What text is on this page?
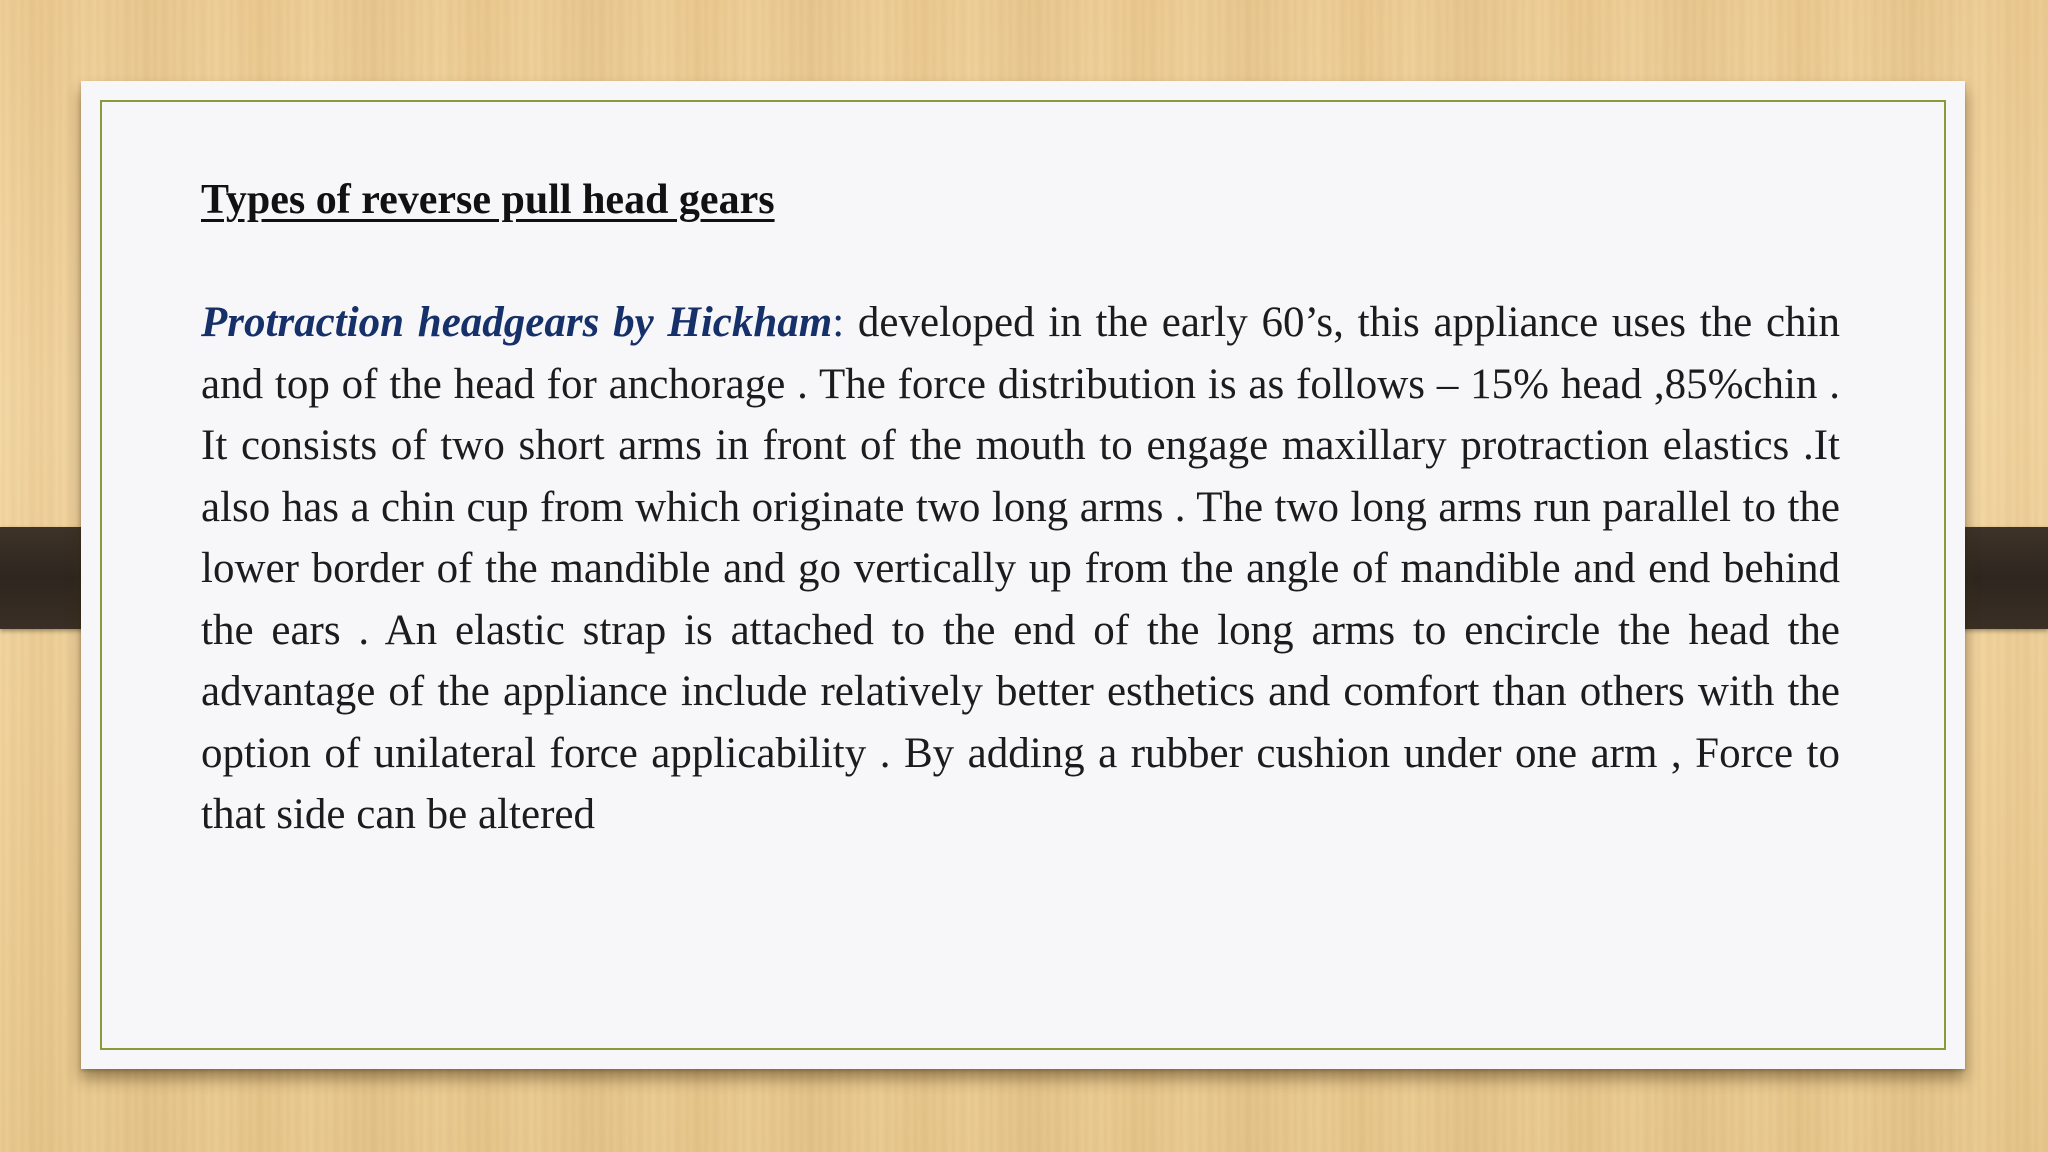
Types of reverse pull head gears

Protraction headgears by Hickham: developed in the early 60’s, this appliance uses the chin and top of the head for anchorage . The force distribution is as follows – 15% head ,85%chin . It consists of two short arms in front of the mouth to engage maxillary protraction elastics .It also has a chin cup from which originate two long arms . The two long arms run parallel to the lower border of the mandible and go vertically up from the angle of mandible and end behind the ears . An elastic strap is attached to the end of the long arms to encircle the head the advantage of the appliance include relatively better esthetics and comfort than others with the option of unilateral force applicability . By adding a rubber cushion under one arm , Force to that side can be altered
